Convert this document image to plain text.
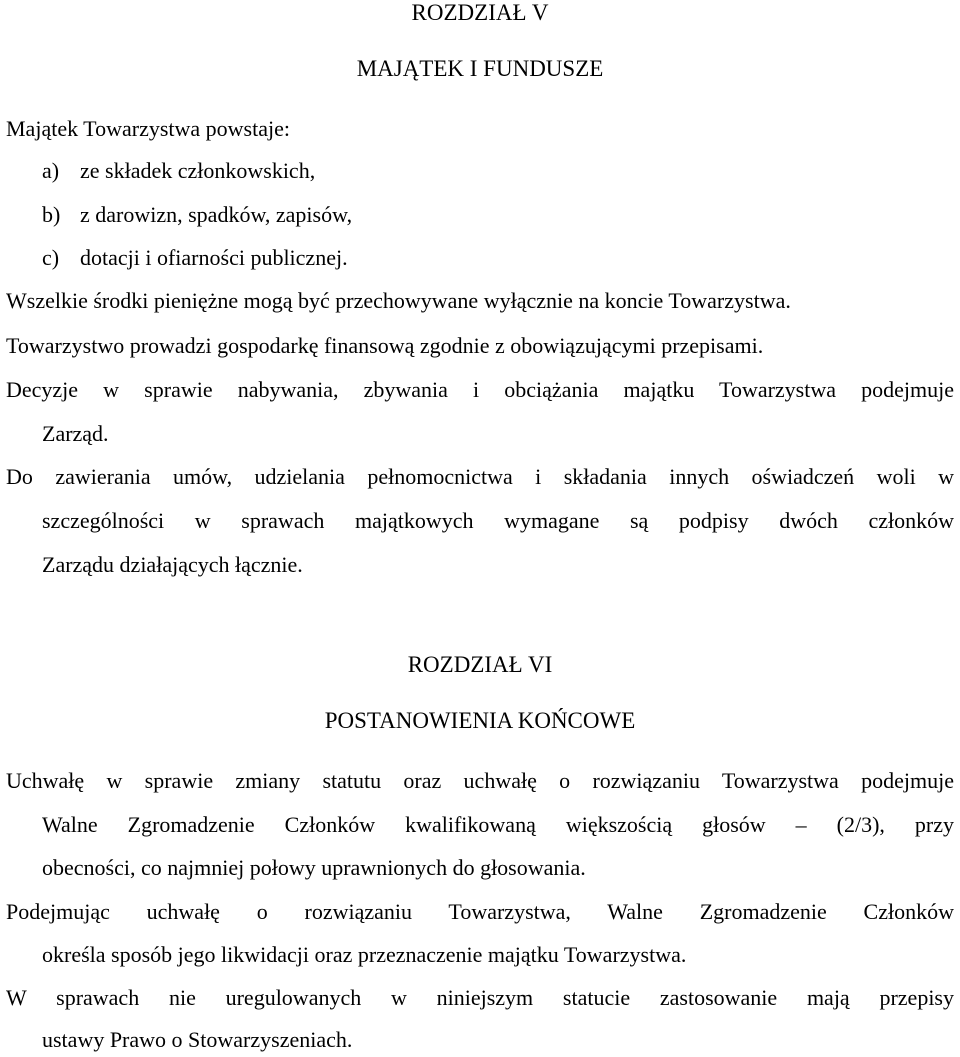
ROZDZIAŁ V
MAJĄTEK I FUNDUSZE
Majątek Towarzystwa powstaje:
a) ze składek członkowskich,
b) z darowizn, spadków, zapisów,
c) dotacji i ofiarności publicznej.
Wszelkie środki pieniężne mogą być przechowywane wyłącznie na koncie Towarzystwa.
Towarzystwo prowadzi gospodarkę finansową zgodnie z obowiązującymi przepisami.
Decyzje w sprawie nabywania, zbywania i obciążania majątku Towarzystwa podejmuje
Zarząd.
Do zawierania umów, udzielania pełnomocnictwa i składania innych oświadczeń woli w
szczególności w sprawach majątkowych wymagane są podpisy dwóch członków
Zarządu działających łącznie.
ROZDZIAŁ VI
POSTANOWIENIA KOŃCOWE
Uchwałę w sprawie zmiany statutu oraz uchwałę o rozwiązaniu Towarzystwa podejmuje
Walne Zgromadzenie Członków kwalifikowaną większością głosów – (2/3), przy
obecności, co najmniej połowy uprawnionych do głosowania.
Podejmując uchwałę o rozwiązaniu Towarzystwa, Walne Zgromadzenie Członków
określa sposób jego likwidacji oraz przeznaczenie majątku Towarzystwa.
W sprawach nie uregulowanych w niniejszym statucie zastosowanie mają przepisy
ustawy Prawo o Stowarzyszeniach.
